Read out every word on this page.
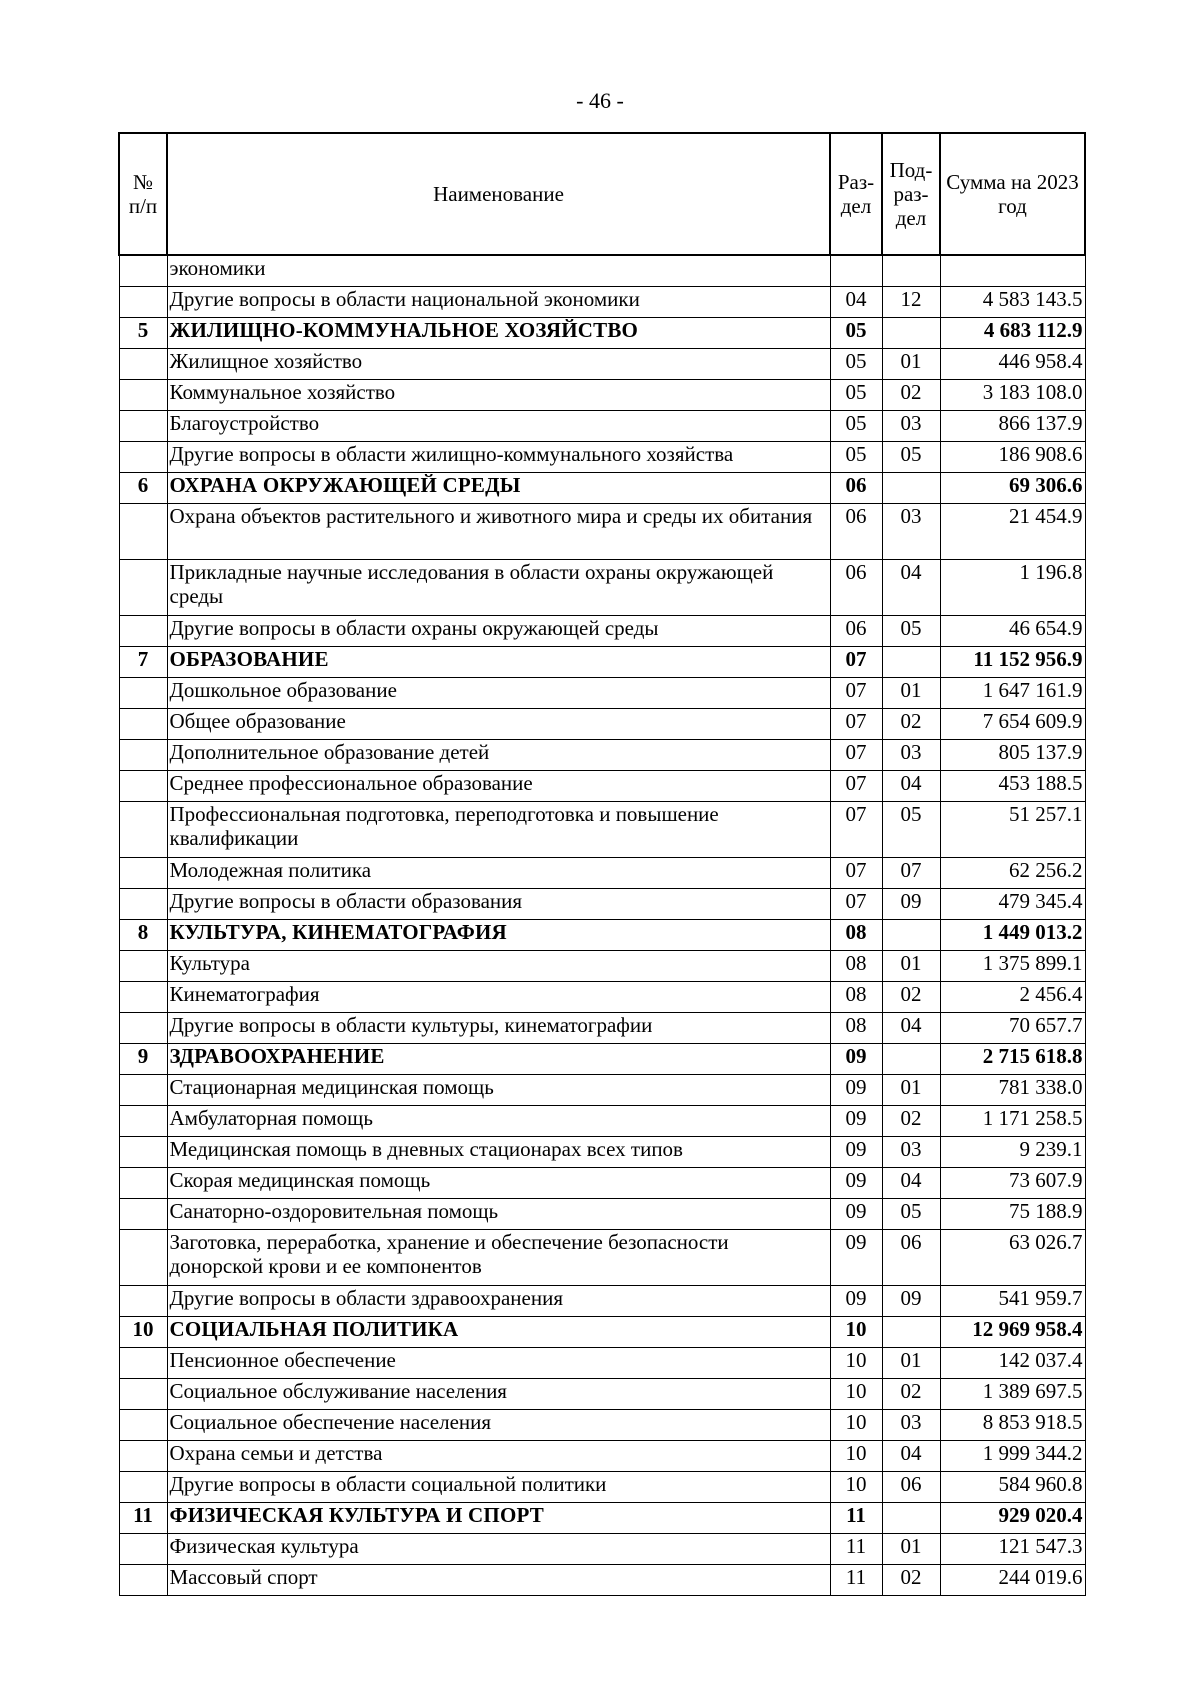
- 46 -
№ п/п	Наименование	Раз-дел	Под-раз-дел	Сумма на 2023 год
	экономики			
	Другие вопросы в области национальной экономики	04	12	4 583 143.5
5	ЖИЛИЩНО-КОММУНАЛЬНОЕ ХОЗЯЙСТВО	05		4 683 112.9
	Жилищное хозяйство	05	01	446 958.4
	Коммунальное хозяйство	05	02	3 183 108.0
	Благоустройство	05	03	866 137.9
	Другие вопросы в области жилищно-коммунального хозяйства	05	05	186 908.6
6	ОХРАНА ОКРУЖАЮЩЕЙ СРЕДЫ	06		69 306.6
	Охрана объектов растительного и животного мира и среды их обитания	06	03	21 454.9
	Прикладные научные исследования в области охраны окружающей среды	06	04	1 196.8
	Другие вопросы в области охраны окружающей среды	06	05	46 654.9
7	ОБРАЗОВАНИЕ	07		11 152 956.9
	Дошкольное образование	07	01	1 647 161.9
	Общее образование	07	02	7 654 609.9
	Дополнительное образование детей	07	03	805 137.9
	Среднее профессиональное образование	07	04	453 188.5
	Профессиональная подготовка, переподготовка и повышение квалификации	07	05	51 257.1
	Молодежная политика	07	07	62 256.2
	Другие вопросы в области образования	07	09	479 345.4
8	КУЛЬТУРА, КИНЕМАТОГРАФИЯ	08		1 449 013.2
	Культура	08	01	1 375 899.1
	Кинематография	08	02	2 456.4
	Другие вопросы в области культуры, кинематографии	08	04	70 657.7
9	ЗДРАВООХРАНЕНИЕ	09		2 715 618.8
	Стационарная медицинская помощь	09	01	781 338.0
	Амбулаторная помощь	09	02	1 171 258.5
	Медицинская помощь в дневных стационарах всех типов	09	03	9 239.1
	Скорая медицинская помощь	09	04	73 607.9
	Санаторно-оздоровительная помощь	09	05	75 188.9
	Заготовка, переработка, хранение и обеспечение безопасности донорской крови и ее компонентов	09	06	63 026.7
	Другие вопросы в области здравоохранения	09	09	541 959.7
10	СОЦИАЛЬНАЯ ПОЛИТИКА	10		12 969 958.4
	Пенсионное обеспечение	10	01	142 037.4
	Социальное обслуживание населения	10	02	1 389 697.5
	Социальное обеспечение населения	10	03	8 853 918.5
	Охрана семьи и детства	10	04	1 999 344.2
	Другие вопросы в области социальной политики	10	06	584 960.8
11	ФИЗИЧЕСКАЯ КУЛЬТУРА И СПОРТ	11		929 020.4
	Физическая культура	11	01	121 547.3
	Массовый спорт	11	02	244 019.6
